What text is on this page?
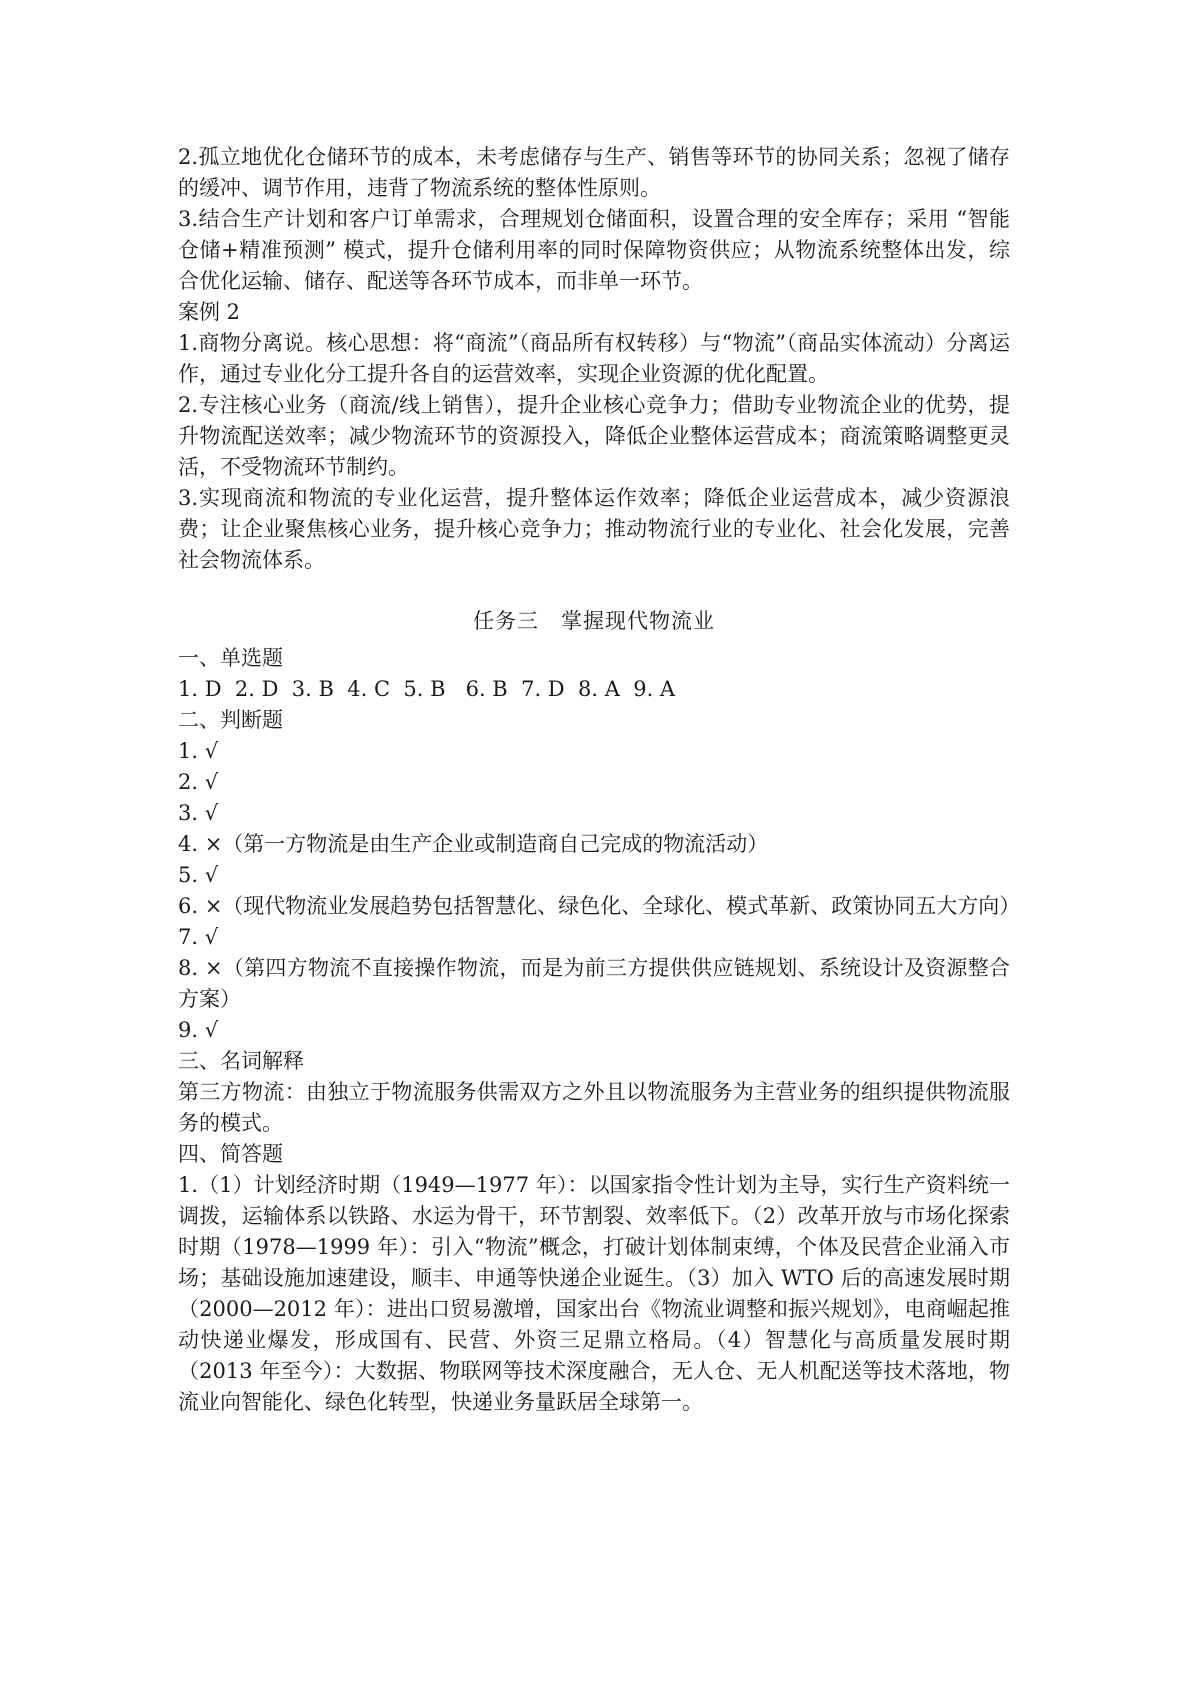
2.孤立地优化仓储环节的成本，未考虑储存与生产、销售等环节的协同关系；忽视了储存的缓冲、调节作用，违背了物流系统的整体性原则。

3.结合生产计划和客户订单需求，合理规划仓储面积，设置合理的安全库存；采用 “智能仓储+精准预测” 模式，提升仓储利用率的同时保障物资供应；从物流系统整体出发，综合优化运输、储存、配送等各环节成本，而非单一环节。

案例 2

1.商物分离说。核心思想：将“商流”（商品所有权转移）与“物流”（商品实体流动）分离运作，通过专业化分工提升各自的运营效率，实现企业资源的优化配置。

2.专注核心业务（商流/线上销售），提升企业核心竞争力；借助专业物流企业的优势，提升物流配送效率；减少物流环节的资源投入，降低企业整体运营成本；商流策略调整更灵活，不受物流环节制约。

3.实现商流和物流的专业化运营，提升整体运作效率；降低企业运营成本，减少资源浪费；让企业聚焦核心业务，提升核心竞争力；推动物流行业的专业化、社会化发展，完善社会物流体系。

任务三　掌握现代物流业

一、单选题

1. D  2. D  3. B  4. C  5. B   6. B  7. D  8. A  9. A

二、判断题

1. √

2. √

3. √

4. ×（第一方物流是由生产企业或制造商自己完成的物流活动）

5. √

6. ×（现代物流业发展趋势包括智慧化、绿色化、全球化、模式革新、政策协同五大方向）

7. √

8. ×（第四方物流不直接操作物流，而是为前三方提供供应链规划、系统设计及资源整合方案）

9. √

三、名词解释

第三方物流：由独立于物流服务供需双方之外且以物流服务为主营业务的组织提供物流服务的模式。

四、简答题

1.（1）计划经济时期（1949—1977 年）：以国家指令性计划为主导，实行生产资料统一调拨，运输体系以铁路、水运为骨干，环节割裂、效率低下。（2）改革开放与市场化探索时期（1978—1999 年）：引入“物流”概念，打破计划体制束缚，个体及民营企业涌入市场；基础设施加速建设，顺丰、申通等快递企业诞生。（3）加入 WTO 后的高速发展时期（2000—2012 年）：进出口贸易激增，国家出台《物流业调整和振兴规划》，电商崛起推动快递业爆发，形成国有、民营、外资三足鼎立格局。（4）智慧化与高质量发展时期（2013 年至今）：大数据、物联网等技术深度融合，无人仓、无人机配送等技术落地，物流业向智能化、绿色化转型，快递业务量跃居全球第一。
